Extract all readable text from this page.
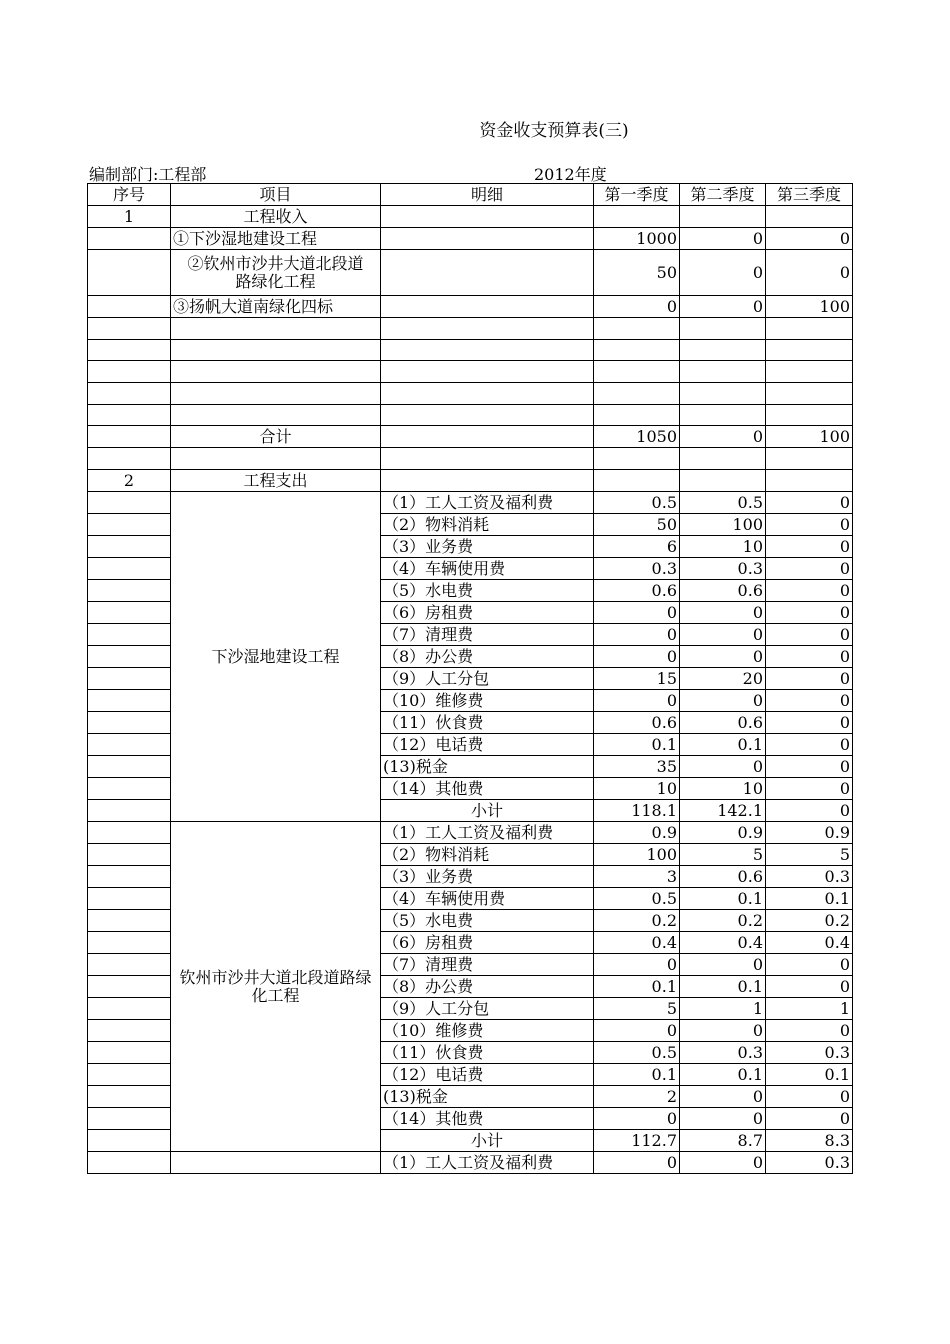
资金收支预算表(三)
编制部门:工程部	2012年度
序号	项目	明细	第一季度	第二季度	第三季度
1	工程收入				
	①下沙湿地建设工程		1000	0	0
	②钦州市沙井大道北段道路绿化工程		50	0	0
	③扬帆大道南绿化四标		0	0	100

	合计		1050	0	100

2	工程支出				
	下沙湿地建设工程	（1）工人工资及福利费	0.5	0.5	0
		（2）物料消耗	50	100	0
		（3）业务费	6	10	0
		（4）车辆使用费	0.3	0.3	0
		（5）水电费	0.6	0.6	0
		（6）房租费	0	0	0
		（7）清理费	0	0	0
		（8）办公费	0	0	0
		（9）人工分包	15	20	0
		（10）维修费	0	0	0
		（11）伙食费	0.6	0.6	0
		（12）电话费	0.1	0.1	0
		(13)税金	35	0	0
		（14）其他费	10	10	0
		小计	118.1	142.1	0
	钦州市沙井大道北段道路绿化工程	（1）工人工资及福利费	0.9	0.9	0.9
		（2）物料消耗	100	5	5
		（3）业务费	3	0.6	0.3
		（4）车辆使用费	0.5	0.1	0.1
		（5）水电费	0.2	0.2	0.2
		（6）房租费	0.4	0.4	0.4
		（7）清理费	0	0	0
		（8）办公费	0.1	0.1	0
		（9）人工分包	5	1	1
		（10）维修费	0	0	0
		（11）伙食费	0.5	0.3	0.3
		（12）电话费	0.1	0.1	0.1
		(13)税金	2	0	0
		（14）其他费	0	0	0
		小计	112.7	8.7	8.3
		（1）工人工资及福利费	0	0	0.3
